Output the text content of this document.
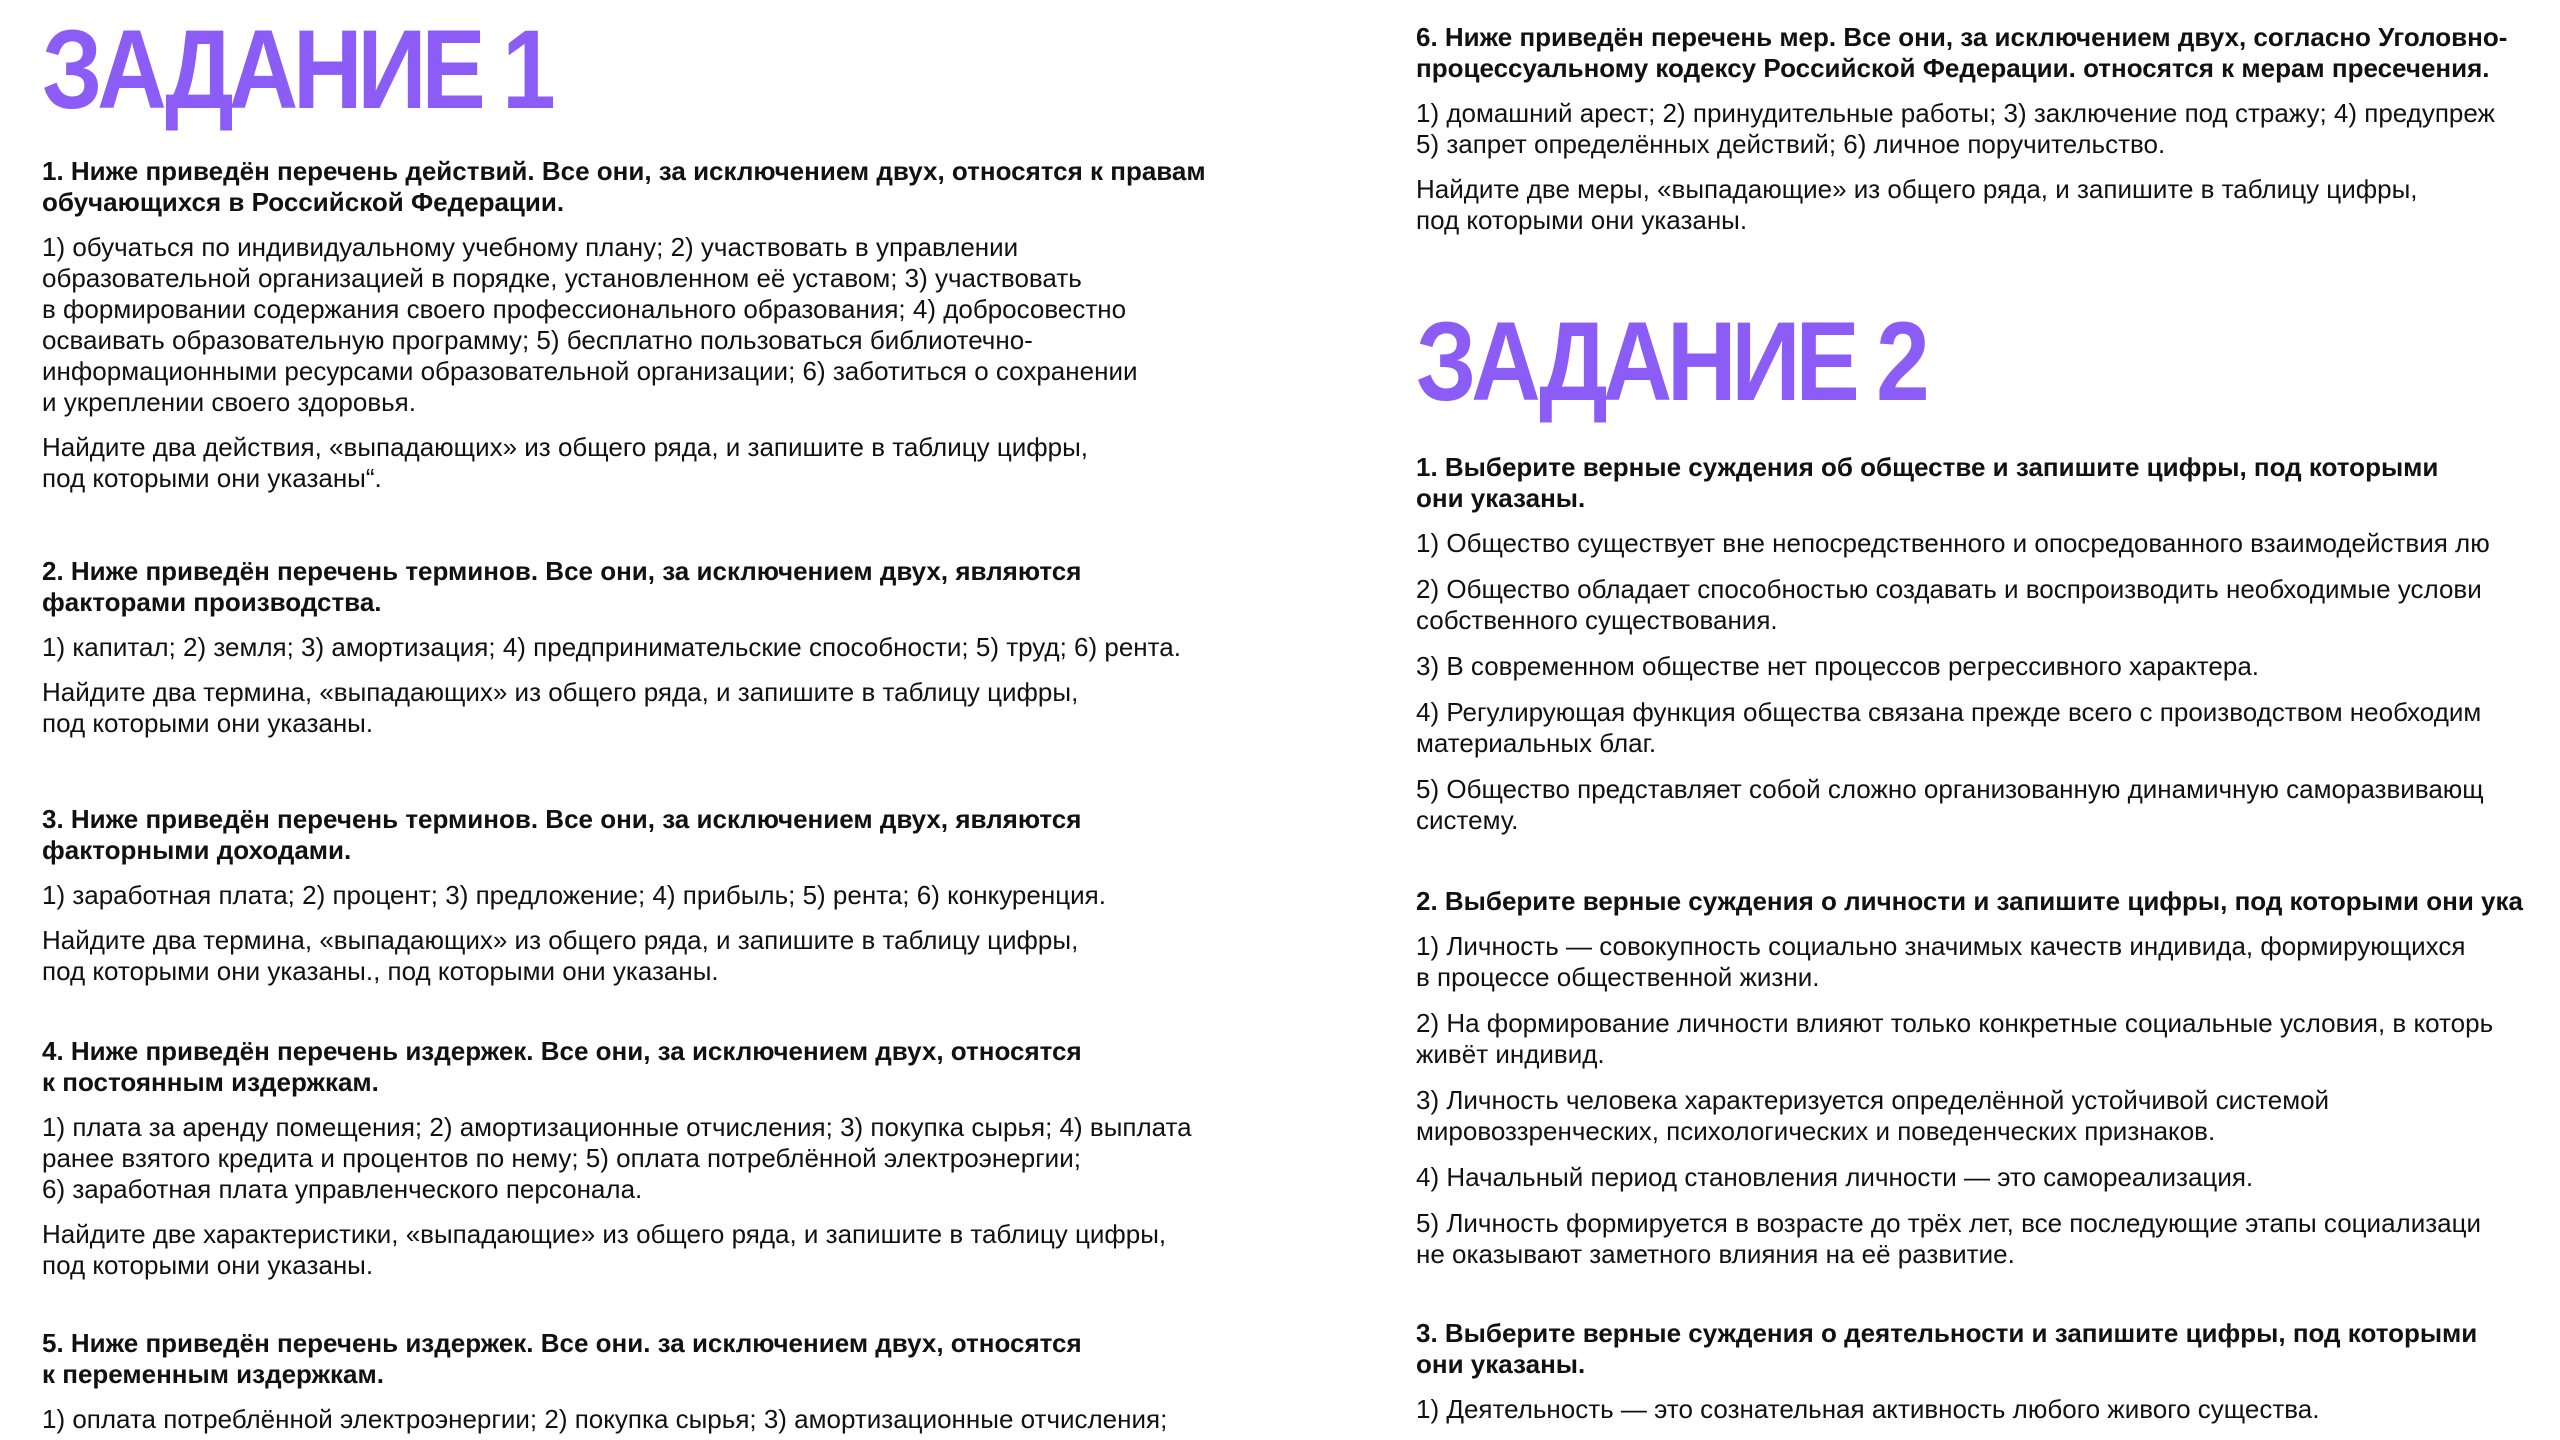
ЗАДАНИЕ 1

1. Ниже приведён перечень действий. Все они, за исключением двух, относятся к правам
обучающихся в Российской Федерации.

1) обучаться по индивидуальному учебному плану; 2) участвовать в управлении
образовательной организацией в порядке, установленном её уставом; 3) участвовать
в формировании содержания своего профессионального образования; 4) добросовестно
осваивать образовательную программу; 5) бесплатно пользоваться библиотечно-
информационными ресурсами образовательной организации; 6) заботиться о сохранении
и укреплении своего здоровья.

Найдите два действия, «выпадающих» из общего ряда, и запишите в таблицу цифры,
под которыми они указаны“.

2. Ниже приведён перечень терминов. Все они, за исключением двух, являются
факторами производства.

1) капитал; 2) земля; 3) амортизация; 4) предпринимательские способности; 5) труд; 6) рента.

Найдите два термина, «выпадающих» из общего ряда, и запишите в таблицу цифры,
под которыми они указаны.

3. Ниже приведён перечень терминов. Все они, за исключением двух, являются
факторными доходами.

1) заработная плата; 2) процент; 3) предложение; 4) прибыль; 5) рента; 6) конкуренция.

Найдите два термина, «выпадающих» из общего ряда, и запишите в таблицу цифры,
под которыми они указаны., под которыми они указаны.

4. Ниже приведён перечень издержек. Все они, за исключением двух, относятся
к постоянным издержкам.

1) плата за аренду помещения; 2) амортизационные отчисления; 3) покупка сырья; 4) выплата
ранее взятого кредита и процентов по нему; 5) оплата потреблённой электроэнергии;
6) заработная плата управленческого персонала.

Найдите две характеристики, «выпадающие» из общего ряда, и запишите в таблицу цифры,
под которыми они указаны.

5. Ниже приведён перечень издержек. Все они. за исключением двух, относятся
к переменным издержкам.

1) оплата потреблённой электроэнергии; 2) покупка сырья; 3) амортизационные отчисления;

6. Ниже приведён перечень мер. Все они, за исключением двух, согласно Уголовно-
процессуальному кодексу Российской Федерации. относятся к мерам пресечения.

1) домашний арест; 2) принудительные работы; 3) заключение под стражу; 4) предупреж
5) запрет определённых действий; 6) личное поручительство.

Найдите две меры, «выпадающие» из общего ряда, и запишите в таблицу цифры,
под которыми они указаны.

ЗАДАНИЕ 2

1. Выберите верные суждения об обществе и запишите цифры, под которыми
они указаны.

1) Общество существует вне непосредственного и опосредованного взаимодействия лю

2) Общество обладает способностью создавать и воспроизводить необходимые услови
собственного существования.

3) В современном обществе нет процессов регрессивного характера.

4) Регулирующая функция общества связана прежде всего с производством необходим
материальных благ.

5) Общество представляет собой сложно организованную динамичную саморазвивающ
систему.

2. Выберите верные суждения о личности и запишите цифры, под которыми они ука

1) Личность — совокупность социально значимых качеств индивида, формирующихся
в процессе общественной жизни.

2) На формирование личности влияют только конкретные социальные условия, в которь
живёт индивид.

3) Личность человека характеризуется определённой устойчивой системой
мировоззренческих, психологических и поведенческих признаков.

4) Начальный период становления личности — это самореализация.

5) Личность формируется в возрасте до трёх лет, все последующие этапы социализаци
не оказывают заметного влияния на её развитие.

3. Выберите верные суждения о деятельности и запишите цифры, под которыми
они указаны.

1) Деятельность — это сознательная активность любого живого существа.
